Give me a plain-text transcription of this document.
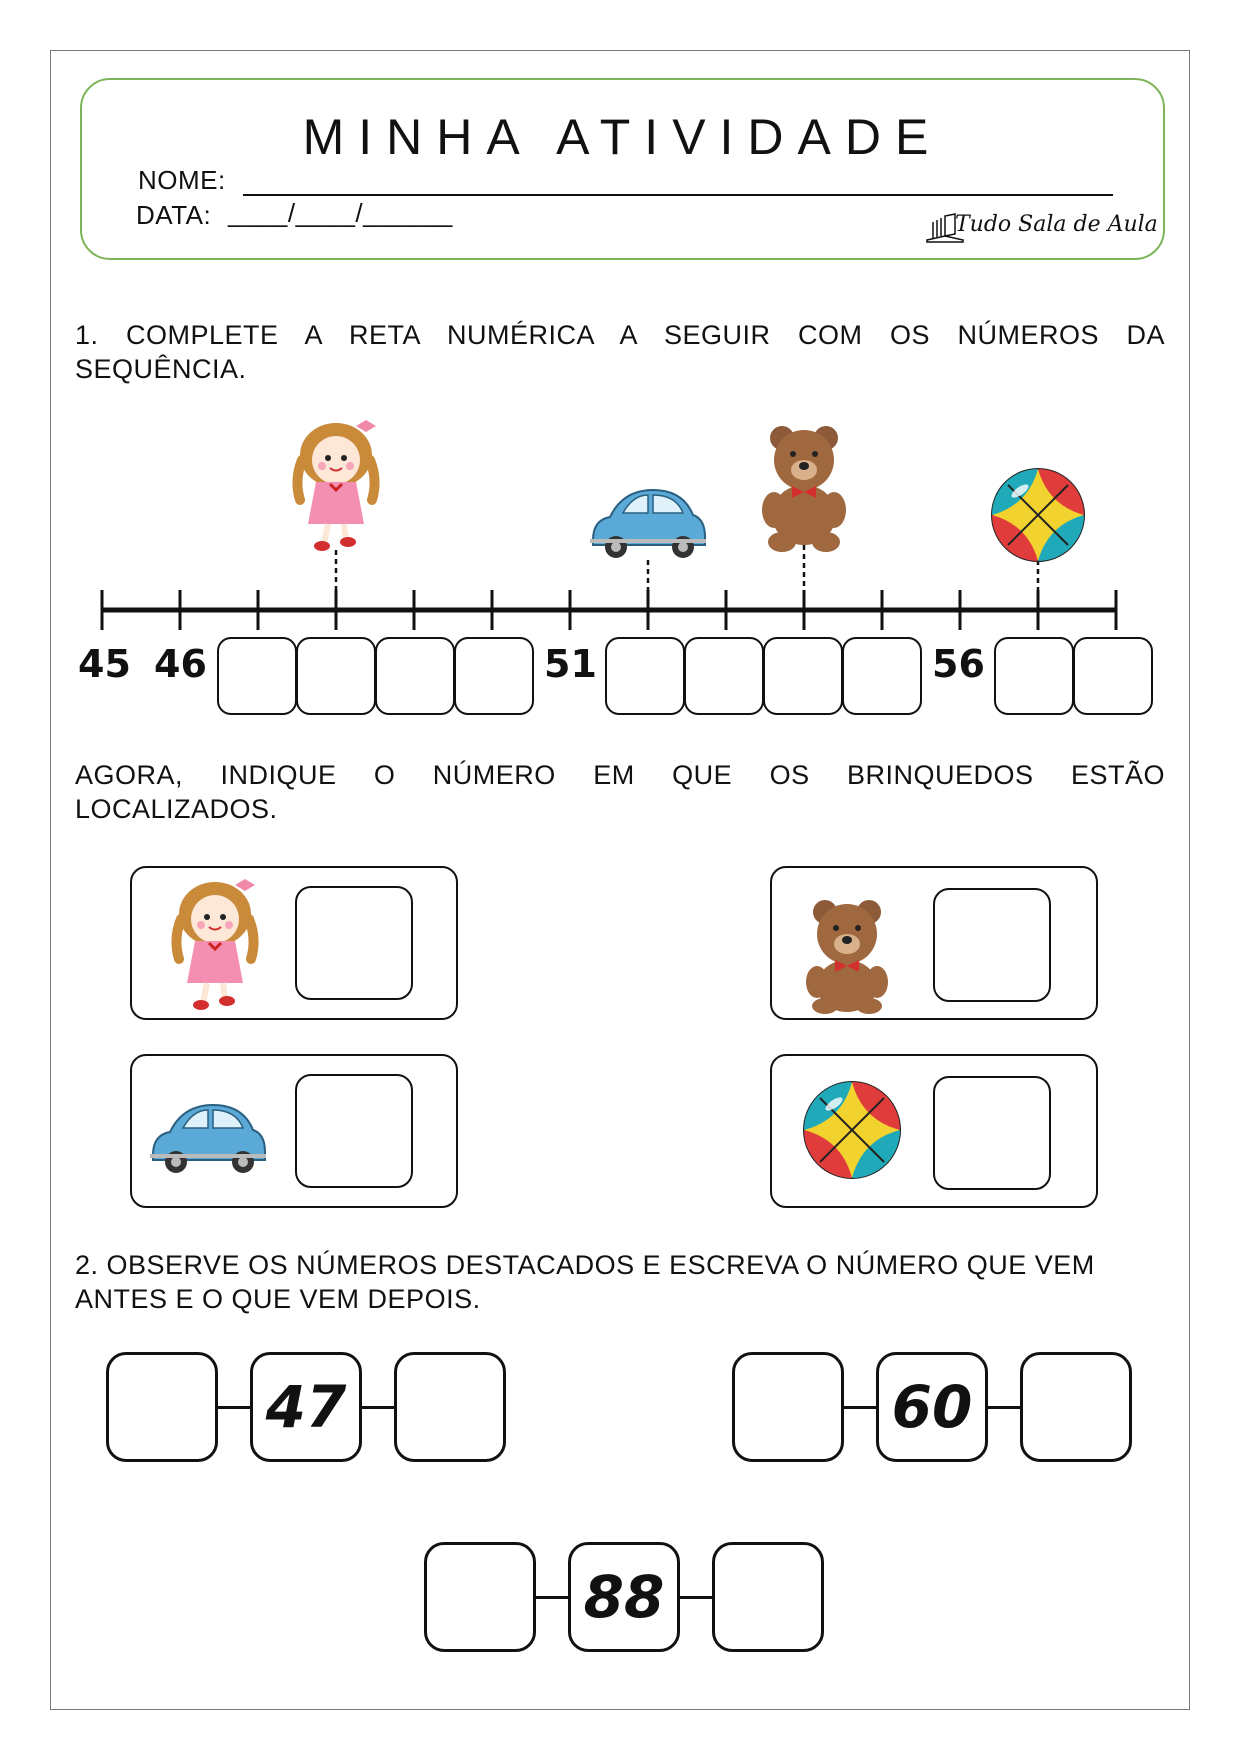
MINHA ATIVIDADE
NOME:
DATA: ____/____/______	Tudo Sala de Aula
1. COMPLETE A RETA NUMÉRICA A SEGUIR COM OS NÚMEROS DA
SEQUÊNCIA.
45 46	51	56
AGORA, INDIQUE O NÚMERO EM QUE OS BRINQUEDOS ESTÃO
LOCALIZADOS.
2. OBSERVE OS NÚMEROS DESTACADOS E ESCREVA O NÚMERO QUE VEM
ANTES E O QUE VEM DEPOIS.
47	60
88
